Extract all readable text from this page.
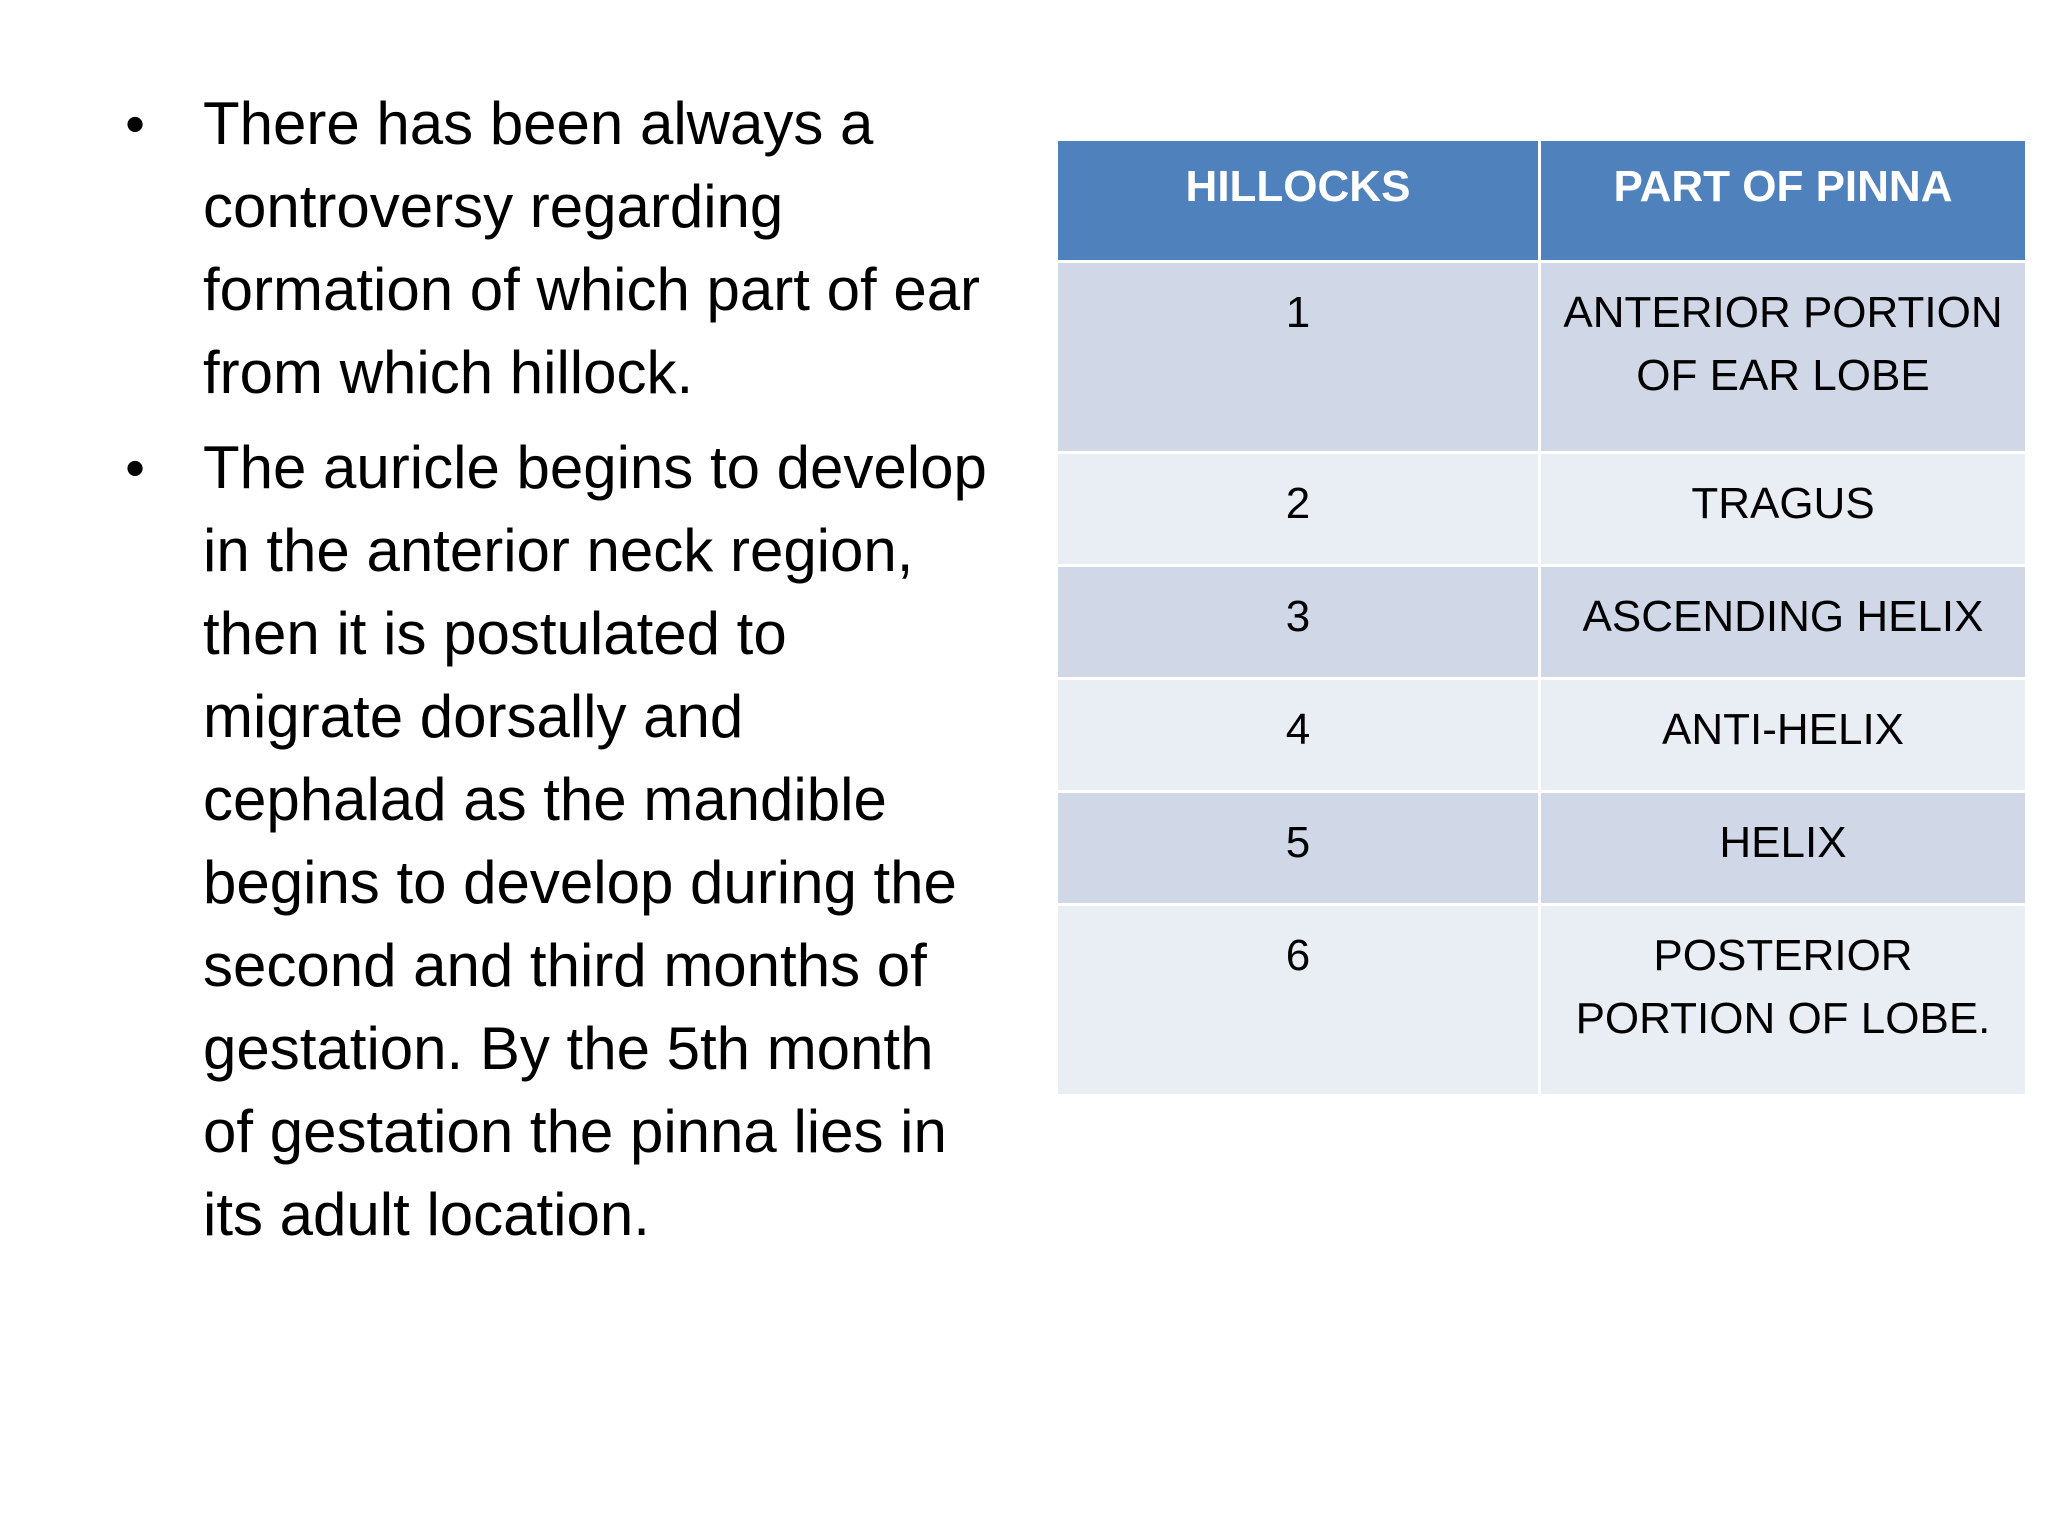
• There has been always a controversy regarding formation of which part of ear from which hillock.
• The auricle begins to develop in the anterior neck region, then it is postulated to migrate dorsally and cephalad as the mandible begins to develop during the second and third months of gestation. By the 5th month of gestation the pinna lies in its adult location.
HILLOCKS	PART OF PINNA
1	ANTERIOR PORTION OF EAR LOBE
2	TRAGUS
3	ASCENDING HELIX
4	ANTI-HELIX
5	HELIX
6	POSTERIOR PORTION OF LOBE.
